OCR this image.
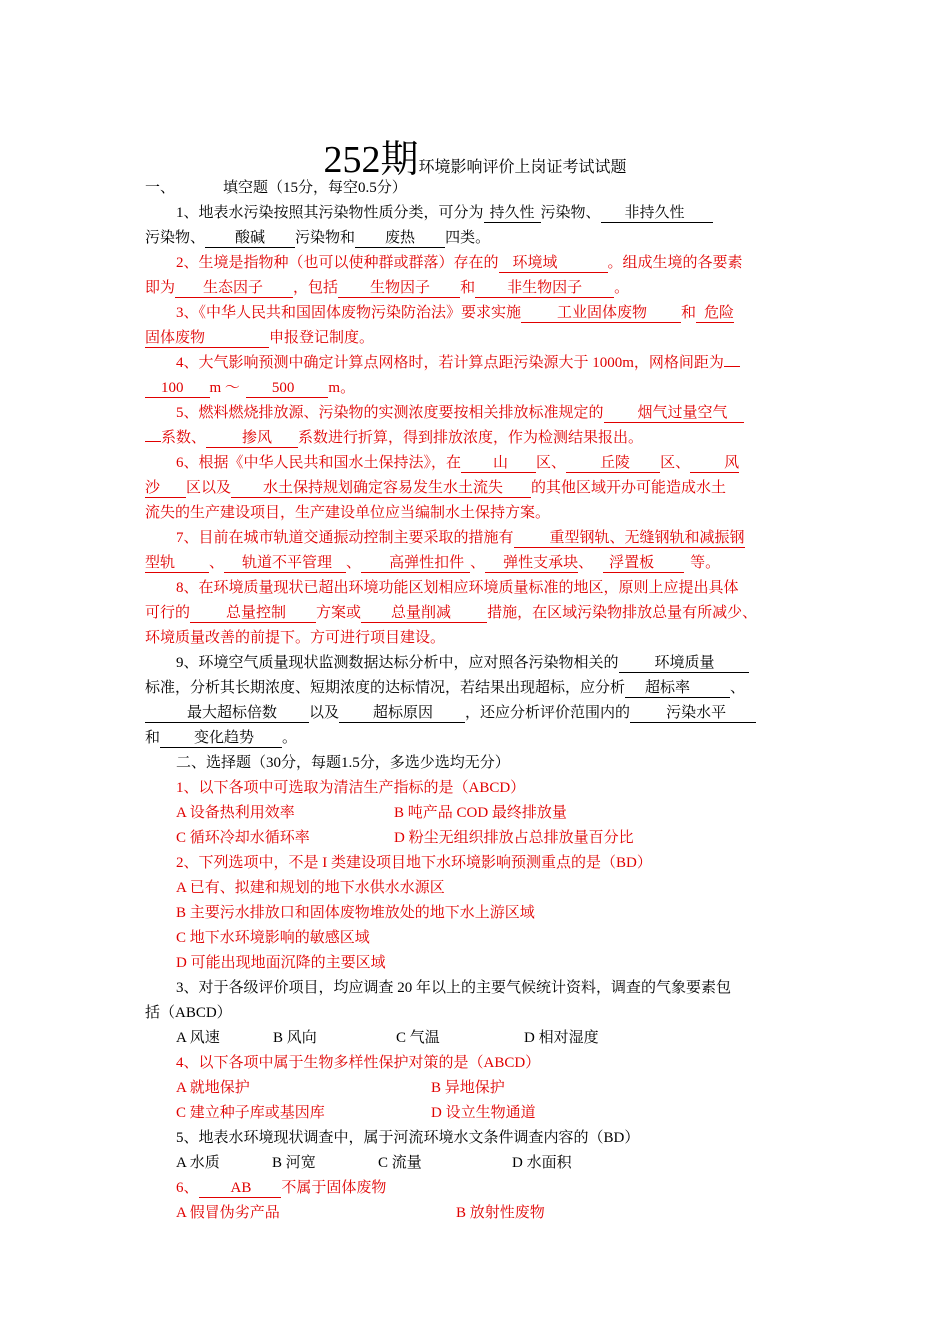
252期环境影响评价上岗证考试试题
一、	填空题（15分，每空0.5分）
1、地表水污染按照其污染物性质分类，可分为 持久性 污染物、 非持久性
污染物、 酸碱 污染物和 废热 四类。
2、生境是指物种（也可以使种群或群落）存在的 环境域	。组成生境的各要素
即为 生态因子 ，包括 生物因子 和 非生物因子 。
3、《中华人民共和国固体废物污染防治法》要求实施 工业固体废物 和 危险
固体废物	申报登记制度。
4、大气影响预测中确定计算点网格时，若计算点距污染源大于 1000m，网格间距为
100 m ～ 500 m。
5、燃料燃烧排放源、污染物的实测浓度要按相关排放标准规定的 烟气过量空气
系数、 掺风 系数进行折算，得到排放浓度，作为检测结果报出。
6、根据《中华人民共和国水土保持法》，在 山 区、 丘陵 区、 风
沙 区以及 水土保持规划确定容易发生水土流失 的其他区域开办可能造成水土
流失的生产建设项目，生产建设单位应当编制水土保持方案。
7、目前在城市轨道交通振动控制主要采取的措施有 重型钢轨、无缝钢轨和减振钢
型轨 、 轨道不平管理 、 高弹性扣件 、 弹性支承块、 浮置板 等。
8、在环境质量现状已超出环境功能区划相应环境质量标准的地区，原则上应提出具体
可行的 总量控制 方案或 总量削减 措施，在区域污染物排放总量有所减少、
环境质量改善的前提下。方可进行项目建设。
9、环境空气质量现状监测数据达标分析中，应对照各污染物相关的 环境质量
标准，分析其长期浓度、短期浓度的达标情况，若结果出现超标，应分析 超标率	、
最大超标倍数 以及 超标原因 ，还应分析评价范围内的 污染水平
和 变化趋势 。
二、选择题（30分，每题1.5分，多选少选均无分）
1、以下各项中可选取为清洁生产指标的是（ABCD）
A 设备热利用效率	B 吨产品 COD 最终排放量
C 循环冷却水循环率	D 粉尘无组织排放占总排放量百分比
2、下列选项中，不是 I 类建设项目地下水环境影响预测重点的是（BD）
A 已有、拟建和规划的地下水供水水源区
B 主要污水排放口和固体废物堆放处的地下水上游区域
C 地下水环境影响的敏感区域
D 可能出现地面沉降的主要区域
3、对于各级评价项目，均应调查 20 年以上的主要气候统计资料，调查的气象要素包
括（ABCD）
A 风速	B 风向	C 气温	D 相对湿度
4、以下各项中属于生物多样性保护对策的是（ABCD）
A 就地保护	B 异地保护
C 建立种子库或基因库	D 设立生物通道
5、地表水环境现状调查中，属于河流环境水文条件调查内容的（BD）
A 水质	B 河宽	C 流量	D 水面积
6、 AB 不属于固体废物
A 假冒伪劣产品	B 放射性废物
